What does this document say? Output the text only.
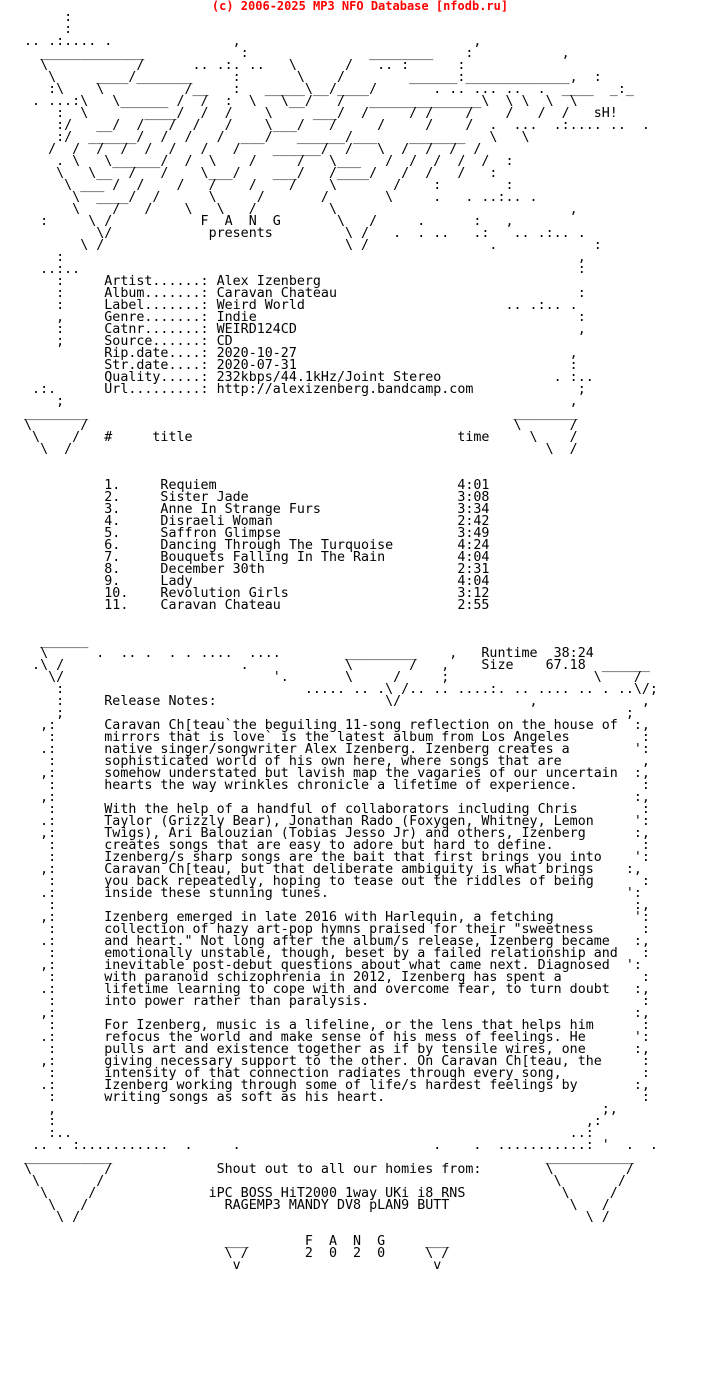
(c) 2006-2025 MP3 NFO Database [nfodb.ru]
:
:
.. .:.... .               ,                             ,
_____________            :               ________    :           ,
\           /      .. .:. ..   \      /   .. :      :
\     ____/_______     :       \    /        ______:_____________,  :
:\    \          /__   :   _____\__/____/       . .. ... ..  .  ____  _:_
. ...:\   \______ /  /  :  \   \__/   /   ______________\  \ \  \  \
:  \       ____/  /  /    \     ___/  /     / /    /    /   /  /   sH!
:/   __/  /   /  /   /    \___/   /     /     /    /  .  ...  .:.... ..  .
:/  ______/  /  /   /  ___/   ______/___    _______   \   \
/  /  /  /  /  /   /   /    ______/  /   \  /  /  /  /
. \   \______/  /  \    /     /   \___   /  /  /  /  /  :
\   \__  /   /    \___/    ___/   /____/   /  /   /   :
\ ___ /  /    /   /    /    /    \       /    :        :
\  ____/  /      \     /       /       \     .   . ..:.. .
\    /   /    \   \   /         \                             ,
:     \ /           F  A  N  G       \   /     .      :   ,
\/            presents         \ /   .  . ..   .:   .. .:.. .
\ /                              \ /               .            :
:                                                                ,
..:..                                                              :
:     Artist......: Alex Izenberg
:     Album.......: Caravan Chateau                              :
:     Label.......: Weird World                         .. .:.. .
,     Genre.......: Indie                                        :
:     Catnr.......: WEIRD124CD                                   ,
;     Source......: CD
Rip.date....: 2020-10-27                                  ,
Str.date....: 2020-07-31                                  :
Quality.....: 232kbps/44.1kHz/Joint Stereo              . :..
.:.      Url.........: http://alexizenberg.bandcamp.com             ;
;                                                               ,
________                                                     ________
\      /                                                     \      /
\    /   #     title                                 time     \    /
\  /                                                           \  /

1.     Requiem                              4:01
2.     Sister Jade                          3:08
3.     Anne In Strange Furs                 3:34
4.     Disraeli Woman                       2:42
5.     Saffron Glimpse                      3:49
6.     Dancing Through The Turquoise        4:24
7.     Bouquets Falling In The Rain         4:04
8.     December 30th                        2:31
9.     Lady                                 4:04
10.    Revolution Girls                     3:12
11.    Caravan Chateau                      2:55

______
\      .  .. .  . . ....  ....        _________    ,   Runtime  38:24
.\ /                      .            \       /   ,    Size    67.18  ______
\/                          '.       \     /     ;                  \    /
:                              ..... .. .\ /.. .. ....:. .. .... .. . ..\/;
:     Release Notes:                     \/                ,             ,
;                                                                      ;
,:      Caravan Ch[teau`the beguiling 11-song reflection on the house of  :,
:      mirrors that is love` is the latest album from Los Angeles         :
.:      native singer/songwriter Alex Izenberg. Izenberg creates a        ':
:      sophisticated world of his own here, where songs that are          ,
,:      somehow understated but lavish map the vagaries of our uncertain  :,
:      hearts the way wrinkles chronicle a lifetime of experience.        :
,:                                                                        :,
:      With the help of a handful of collaborators including Chris        :
.:      Taylor (Grizzly Bear), Jonathan Rado (Foxygen, Whitney, Lemon     ':
,:      Twigs), Ari Balouzian (Tobias Jesso Jr) and others, Izenberg      :,
:      creates songs that are easy to adore but hard to define.           :
:      Izenberg/s sharp songs are the bait that first brings you into    ':
,:      Caravan Ch[teau, but that deliberate ambiguity is what brings    :,
:      you back repeatedly, hoping to tease out the riddles of being      :
.:      inside these stunning tunes.                                     ':
:                                                                        :,
,:      Izenberg emerged in late 2016 with Harlequin, a fetching          ':
:      collection of hazy art-pop hymns praised for their "sweetness      :
.:      and heart." Not long after the album/s release, Izenberg became   :,
:      emotionally unstable, though, beset by a failed relationship and   :
,:      inevitable post-debut questions about what came next. Diagnosed  ':
:      with paranoid schizophrenia in 2012, Izenberg has spent a          :
.:      lifetime learning to cope with and overcome fear, to turn doubt   :,
:      into power rather than paralysis.                                  :
,:                                                                        :,
:      For Izenberg, music is a lifeline, or the lens that helps him      :
.:      refocus the world and make sense of his mess of feelings. He      ':
:      pulls art and existence together as if by tensile wires, one      :,
,:      giving necessary support to the other. On Caravan Ch[teau, the     :
:      intensity of that connection radiates through every song,          :
.:      Izenberg working through some of life/s hardest feelings by       :,
:      writing songs as soft as his heart.                                :
,                                                                    ;,
:                                                                  ,:
:..                                                              ..:
.. . :...........  .     .                        .    .  ...........: '  .  .
___________                                                      ___________
\         /             Shout out to all our homies from:        \         /
\       /                                                        \       /
\     /              iPC BOSS HiT2000 1way UKi i8 RNS            \     /
\   /                 RAGEMP3 MANDY DV8 pLAN9 BUTT               \   /
\ /                                                               \ /

___       F  A  N  G     ___
\ /       2  0  2  0     \ /
v                        v
